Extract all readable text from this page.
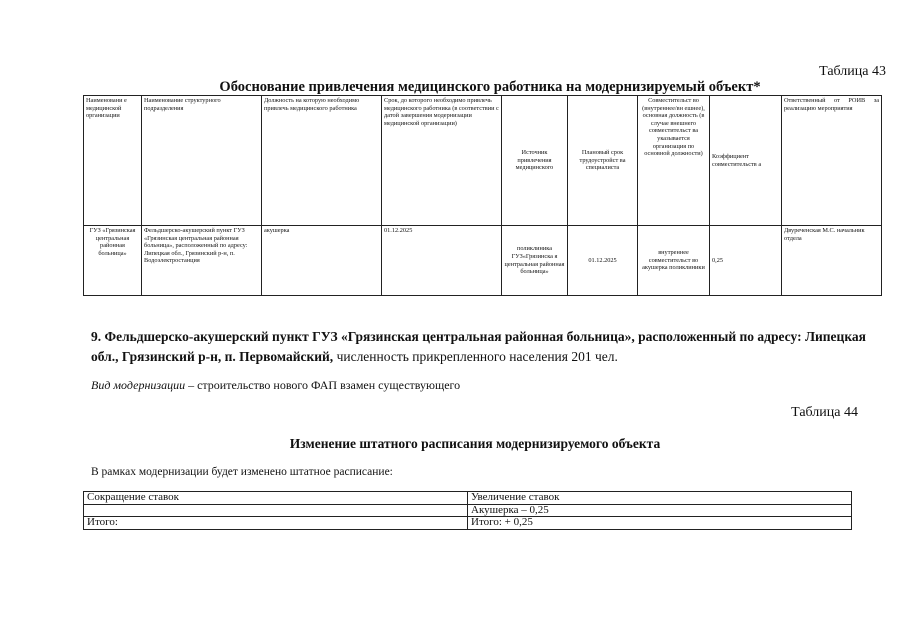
Таблица 43
Обоснование привлечения медицинского работника на модернизируемый объект*
Наименовани е медицинской организации	Наименование структурного подразделения	Должность на которую необходимо привлечь медицинского работника	Срок, до которого необходимо привлечь медицинского работника (в соответствии с датой завершения модернизации медицинской организации)	Источник привлечения медицинского	Плановый срок трудоустройст ва специалиста	Совместительст во (внутреннее/вн ешнее), основная должность (в случае внешнего совместительст ва указывается организация по основной должности)	Коэффициент совместительств а	Ответственный от РОИВ за реализацию мероприятия
ГУЗ «Грязинская центральная районная больница»	Фельдшерско-акушерский пункт ГУЗ «Грязинская центральная районная больница», расположенный по адресу: Липецкая обл., Грязинский р-н, п. Водоэлектростанция	акушерка	01.12.2025	поликлиника ГУЗ«Грязинска я центральная районная больница»	01.12.2025	внутреннее совместительст во акушерка поликлиники	0,25	Двуреченская М.С. начальник отдела
9. Фельдшерско-акушерский пункт ГУЗ «Грязинская центральная районная больница», расположенный по адресу: Липецкая обл., Грязинский р-н, п. Первомайский, численность прикрепленного населения 201 чел.
Вид модернизации – строительство нового ФАП взамен существующего
Таблица 44
Изменение штатного расписания модернизируемого объекта
В рамках модернизации будет изменено штатное расписание:
Сокращение ставок	Увеличение ставок
	Акушерка – 0,25
Итого:	Итого: + 0,25
